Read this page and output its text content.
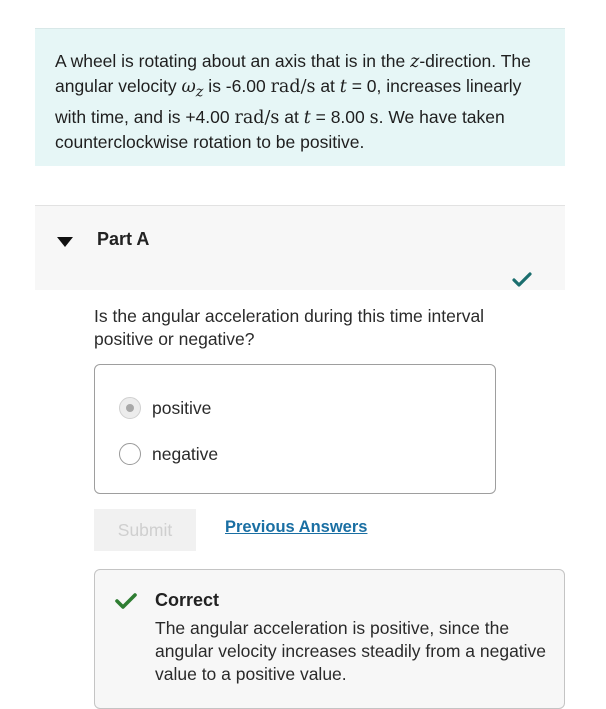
A wheel is rotating about an axis that is in the z-direction. The angular velocity $\omega_z$ is -6.00 rad/s at t = 0, increases linearly with time, and is +4.00 rad/s at t = 8.00 s. We have taken counterclockwise rotation to be positive.
Part A
Is the angular acceleration during this time interval positive or negative?
positive
negative
Submit	Previous Answers
Correct
The angular acceleration is positive, since the angular velocity increases steadily from a negative value to a positive value.
